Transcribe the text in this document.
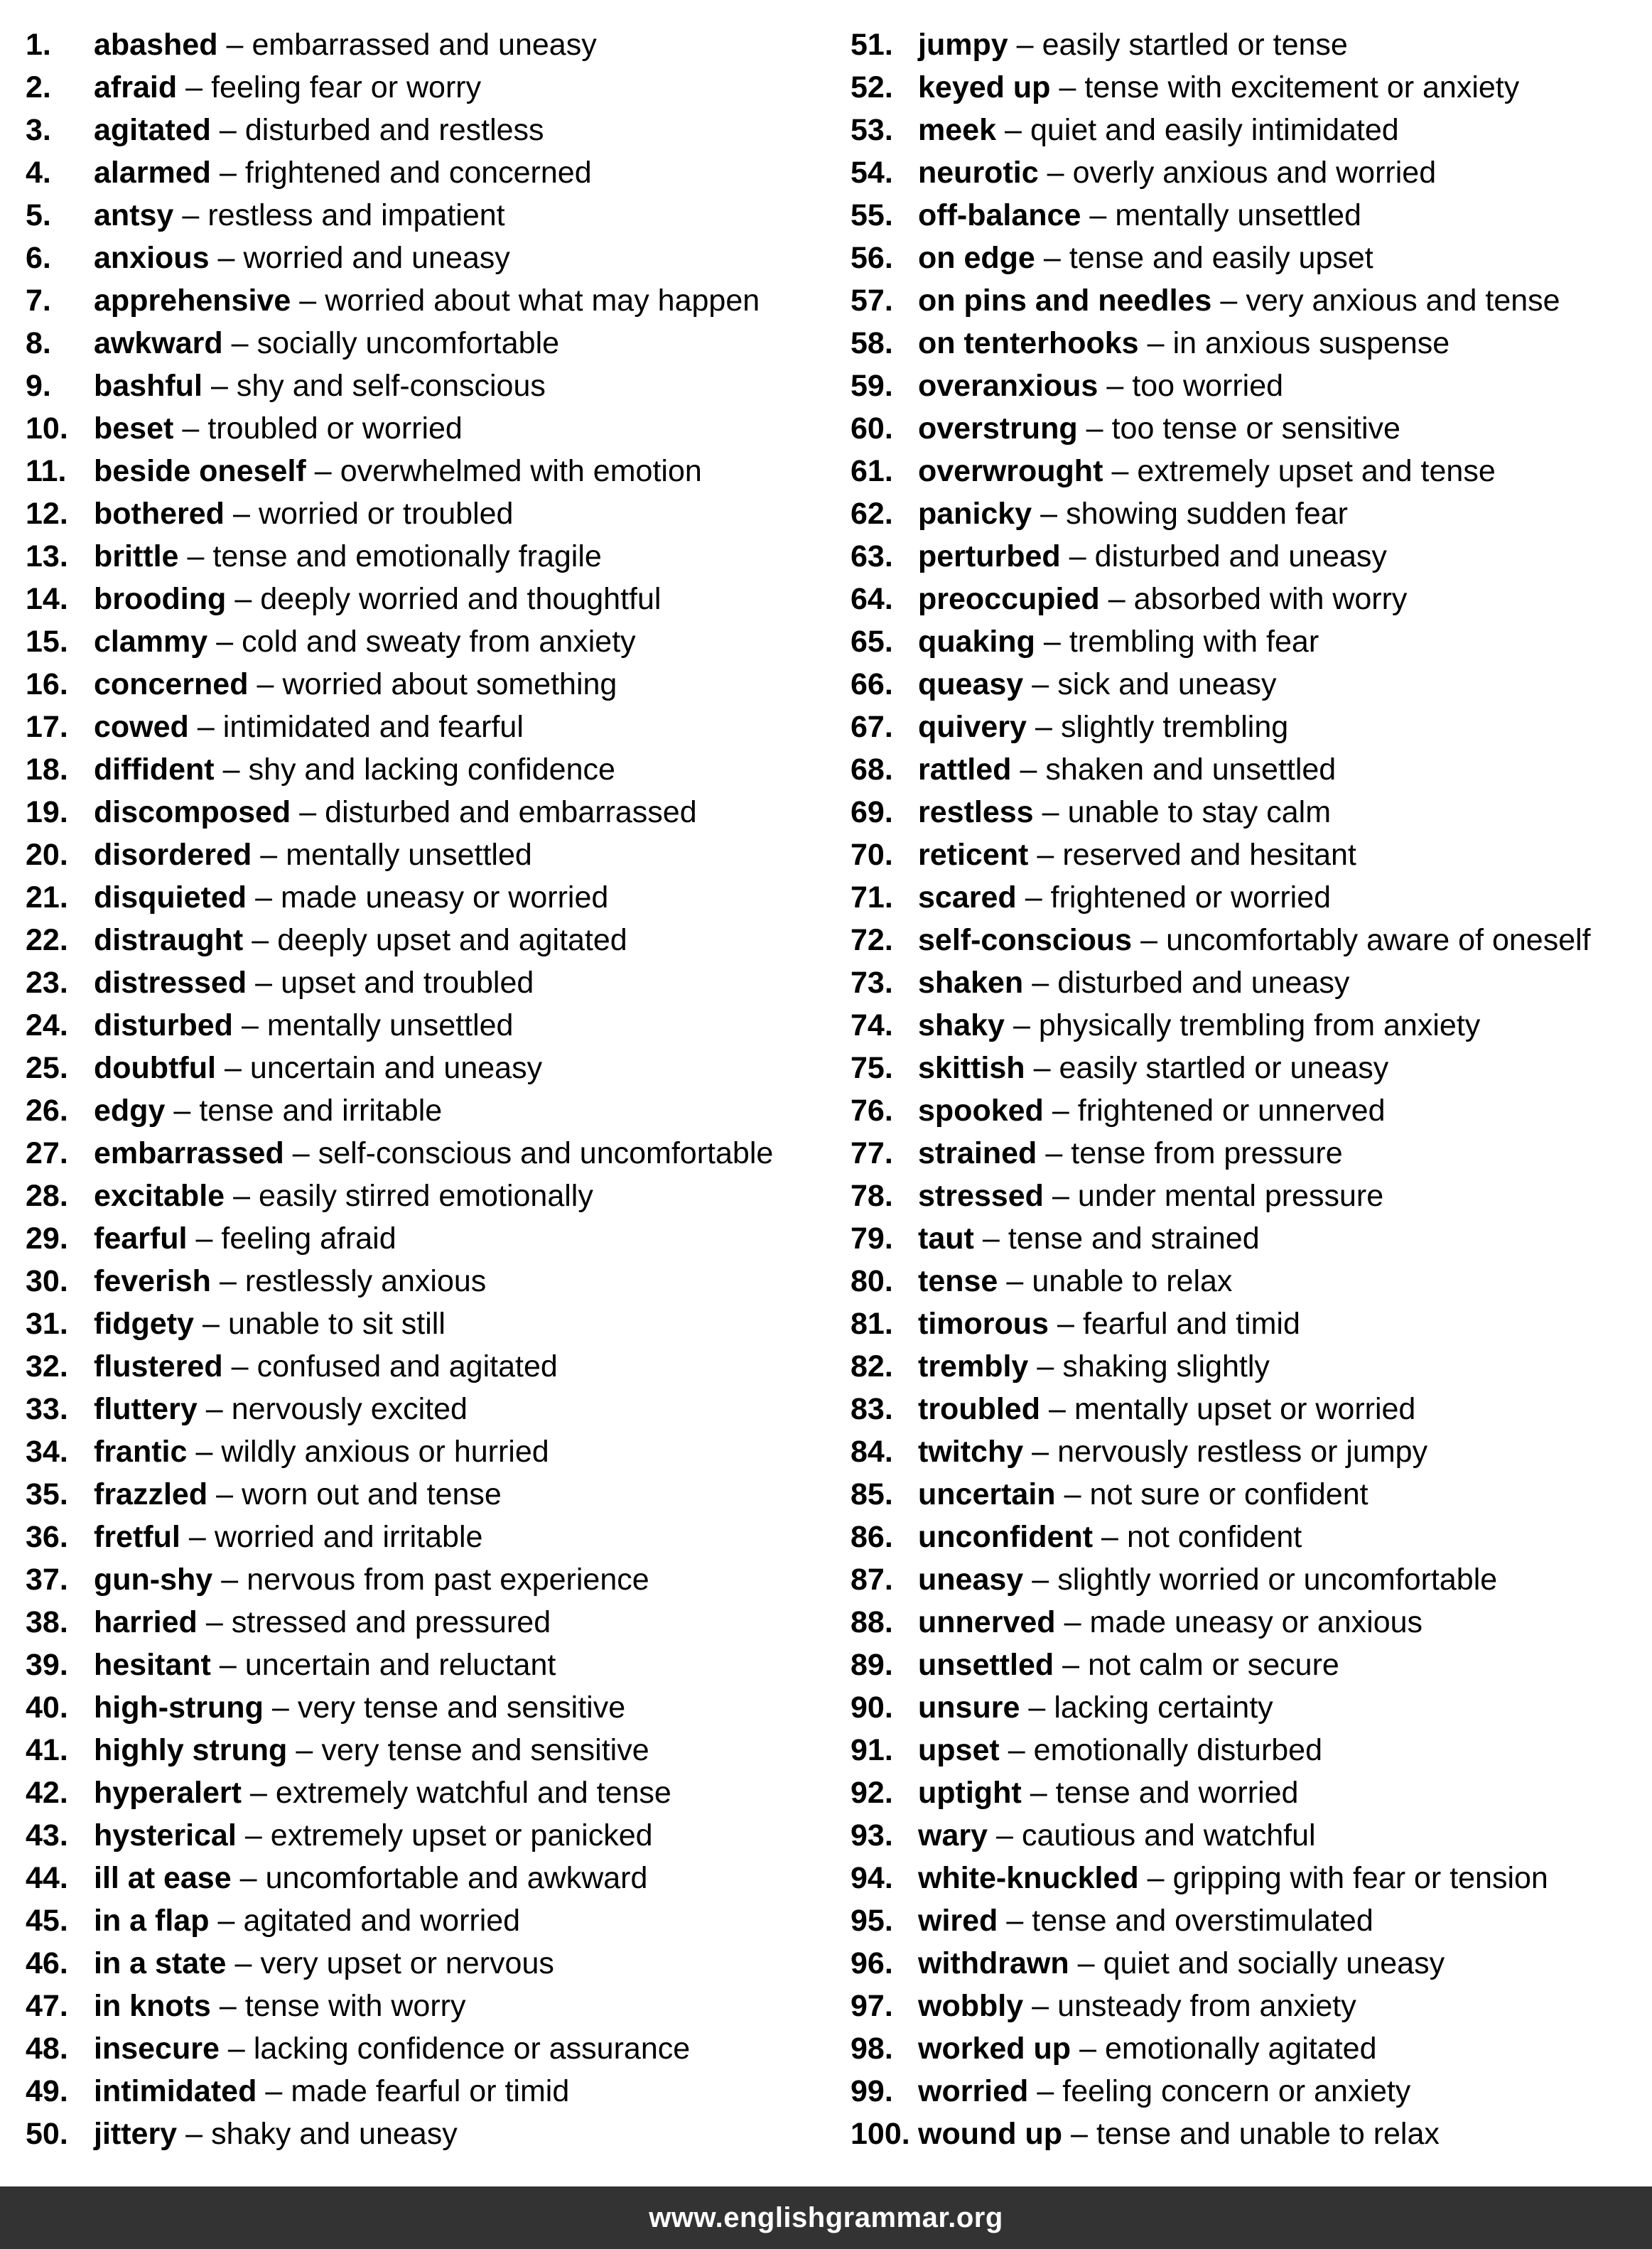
1.	abashed – embarrassed and uneasy
2.	afraid – feeling fear or worry
3.	agitated – disturbed and restless
4.	alarmed – frightened and concerned
5.	antsy – restless and impatient
6.	anxious – worried and uneasy
7.	apprehensive – worried about what may happen
8.	awkward – socially uncomfortable
9.	bashful – shy and self-conscious
10. beset – troubled or worried
11. beside oneself – overwhelmed with emotion
12. bothered – worried or troubled
13. brittle – tense and emotionally fragile
14. brooding – deeply worried and thoughtful
15. clammy – cold and sweaty from anxiety
16. concerned – worried about something
17. cowed – intimidated and fearful
18. diffident – shy and lacking confidence
19. discomposed – disturbed and embarrassed
20. disordered – mentally unsettled
21. disquieted – made uneasy or worried
22. distraught – deeply upset and agitated
23. distressed – upset and troubled
24. disturbed – mentally unsettled
25. doubtful – uncertain and uneasy
26. edgy – tense and irritable
27. embarrassed – self-conscious and uncomfortable
28. excitable – easily stirred emotionally
29. fearful – feeling afraid
30. feverish – restlessly anxious
31. fidgety – unable to sit still
32. flustered – confused and agitated
33. fluttery – nervously excited
34. frantic – wildly anxious or hurried
35. frazzled – worn out and tense
36. fretful – worried and irritable
37. gun-shy – nervous from past experience
38. harried – stressed and pressured
39. hesitant – uncertain and reluctant
40. high-strung – very tense and sensitive
41. highly strung – very tense and sensitive
42. hyperalert – extremely watchful and tense
43. hysterical – extremely upset or panicked
44. ill at ease – uncomfortable and awkward
45. in a flap – agitated and worried
46. in a state – very upset or nervous
47. in knots – tense with worry
48. insecure – lacking confidence or assurance
49. intimidated – made fearful or timid
50. jittery – shaky and uneasy
51. jumpy – easily startled or tense
52. keyed up – tense with excitement or anxiety
53. meek – quiet and easily intimidated
54. neurotic – overly anxious and worried
55. off-balance – mentally unsettled
56. on edge – tense and easily upset
57. on pins and needles – very anxious and tense
58. on tenterhooks – in anxious suspense
59. overanxious – too worried
60. overstrung – too tense or sensitive
61. overwrought – extremely upset and tense
62. panicky – showing sudden fear
63. perturbed – disturbed and uneasy
64. preoccupied – absorbed with worry
65. quaking – trembling with fear
66. queasy – sick and uneasy
67. quivery – slightly trembling
68. rattled – shaken and unsettled
69. restless – unable to stay calm
70. reticent – reserved and hesitant
71. scared – frightened or worried
72. self-conscious – uncomfortably aware of oneself
73. shaken – disturbed and uneasy
74. shaky – physically trembling from anxiety
75. skittish – easily startled or uneasy
76. spooked – frightened or unnerved
77. strained – tense from pressure
78. stressed – under mental pressure
79. taut – tense and strained
80. tense – unable to relax
81. timorous – fearful and timid
82. trembly – shaking slightly
83. troubled – mentally upset or worried
84. twitchy – nervously restless or jumpy
85. uncertain – not sure or confident
86. unconfident – not confident
87. uneasy – slightly worried or uncomfortable
88. unnerved – made uneasy or anxious
89. unsettled – not calm or secure
90. unsure – lacking certainty
91. upset – emotionally disturbed
92. uptight – tense and worried
93. wary – cautious and watchful
94. white-knuckled – gripping with fear or tension
95. wired – tense and overstimulated
96. withdrawn – quiet and socially uneasy
97. wobbly – unsteady from anxiety
98. worked up – emotionally agitated
99. worried – feeling concern or anxiety
100. wound up – tense and unable to relax
www.englishgrammar.org
